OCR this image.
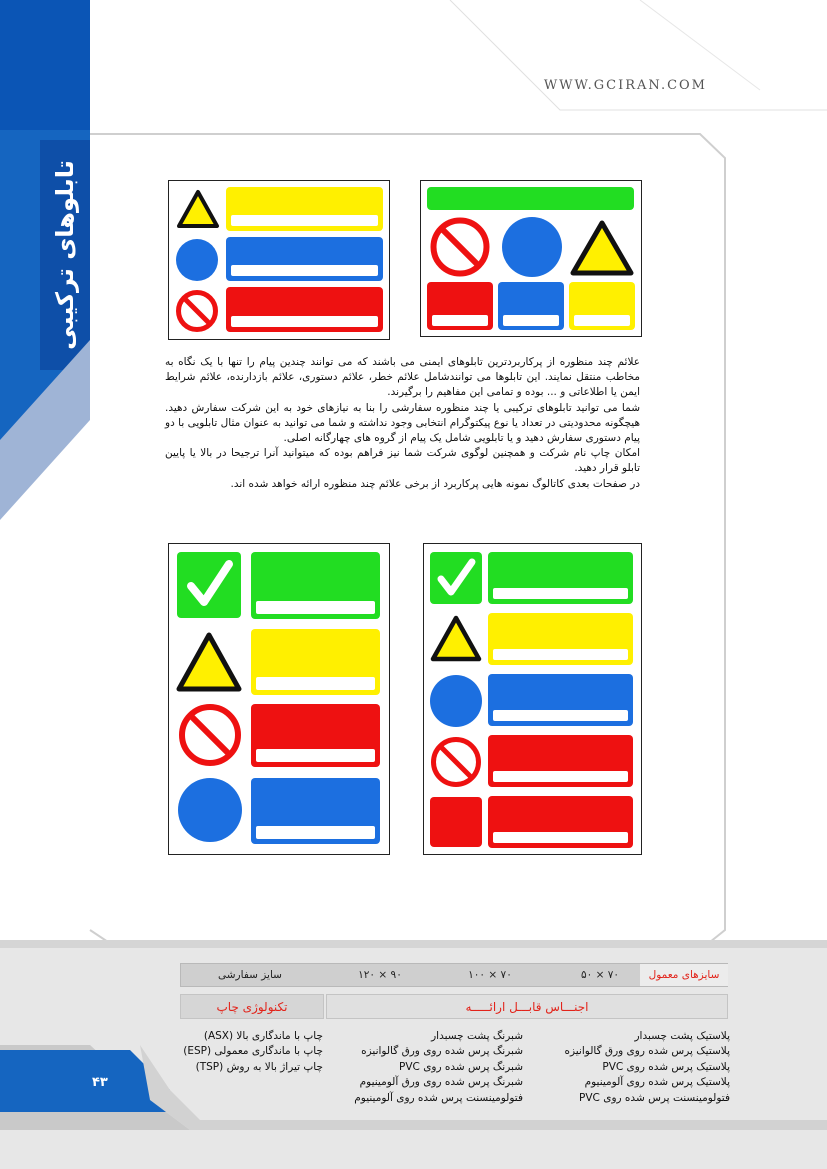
تابلوهای ترکیبی
WWW.GCIRAN.COM

علائم چند منظوره از پرکاربردترین تابلوهای ایمنی می باشند که می توانند چندین پیام را تنها با یک نگاه به مخاطب منتقل نمایند. این تابلوها می توانندشامل علائم خطر، علائم دستوری، علائم بازدارنده، علائم شرایط ایمن یا اطلاعاتی و ... بوده و تمامی این مفاهیم را برگیرند.

شما می توانید تابلوهای ترکیبی یا چند منظوره سفارشی را بنا به نیازهای خود به این شرکت سفارش دهید. هیچگونه محدودیتی در تعداد یا نوع پیکتوگرام انتخابی وجود نداشته و شما می توانید به عنوان مثال تابلویی با دو پیام دستوری سفارش دهید و یا تابلویی شامل یک پیام از گروه های چهارگانه اصلی.

امکان چاپ نام شرکت و همچنین لوگوی شرکت شما نیز فراهم بوده که میتوانید آنرا ترجیحا در بالا یا پایین تابلو قرار دهید.

در صفحات بعدی کاتالوگ نمونه هایی پرکاربرد از برخی علائم چند منظوره ارائه خواهد شده اند.

سایزهای معمول
۵۰ × ۷۰
۱۰۰ × ۷۰
۱۲۰ × ۹۰
سایز سفارشی
اجنـــاس قابـــل ارائـــــه
تکنولوژی چاپ
پلاستیک پشت چسبدار
پلاستیک پرس شده روی ورق گالوانیزه
پلاستیک پرس شده روی PVC
پلاستیک پرس شده روی آلومینیوم
فتولومینسنت پرس شده روی PVC
شبرنگ پشت چسبدار
شبرنگ پرس شده روی ورق گالوانیزه
شبرنگ پرس شده روی PVC
شبرنگ پرس شده روی ورق آلومینیوم
فتولومینسنت پرس شده روی آلومینیوم
چاپ با ماندگاری بالا (ASX)
چاپ با ماندگاری معمولی (ESP)
چاپ تیراژ بالا به روش (TSP)
۴۳
